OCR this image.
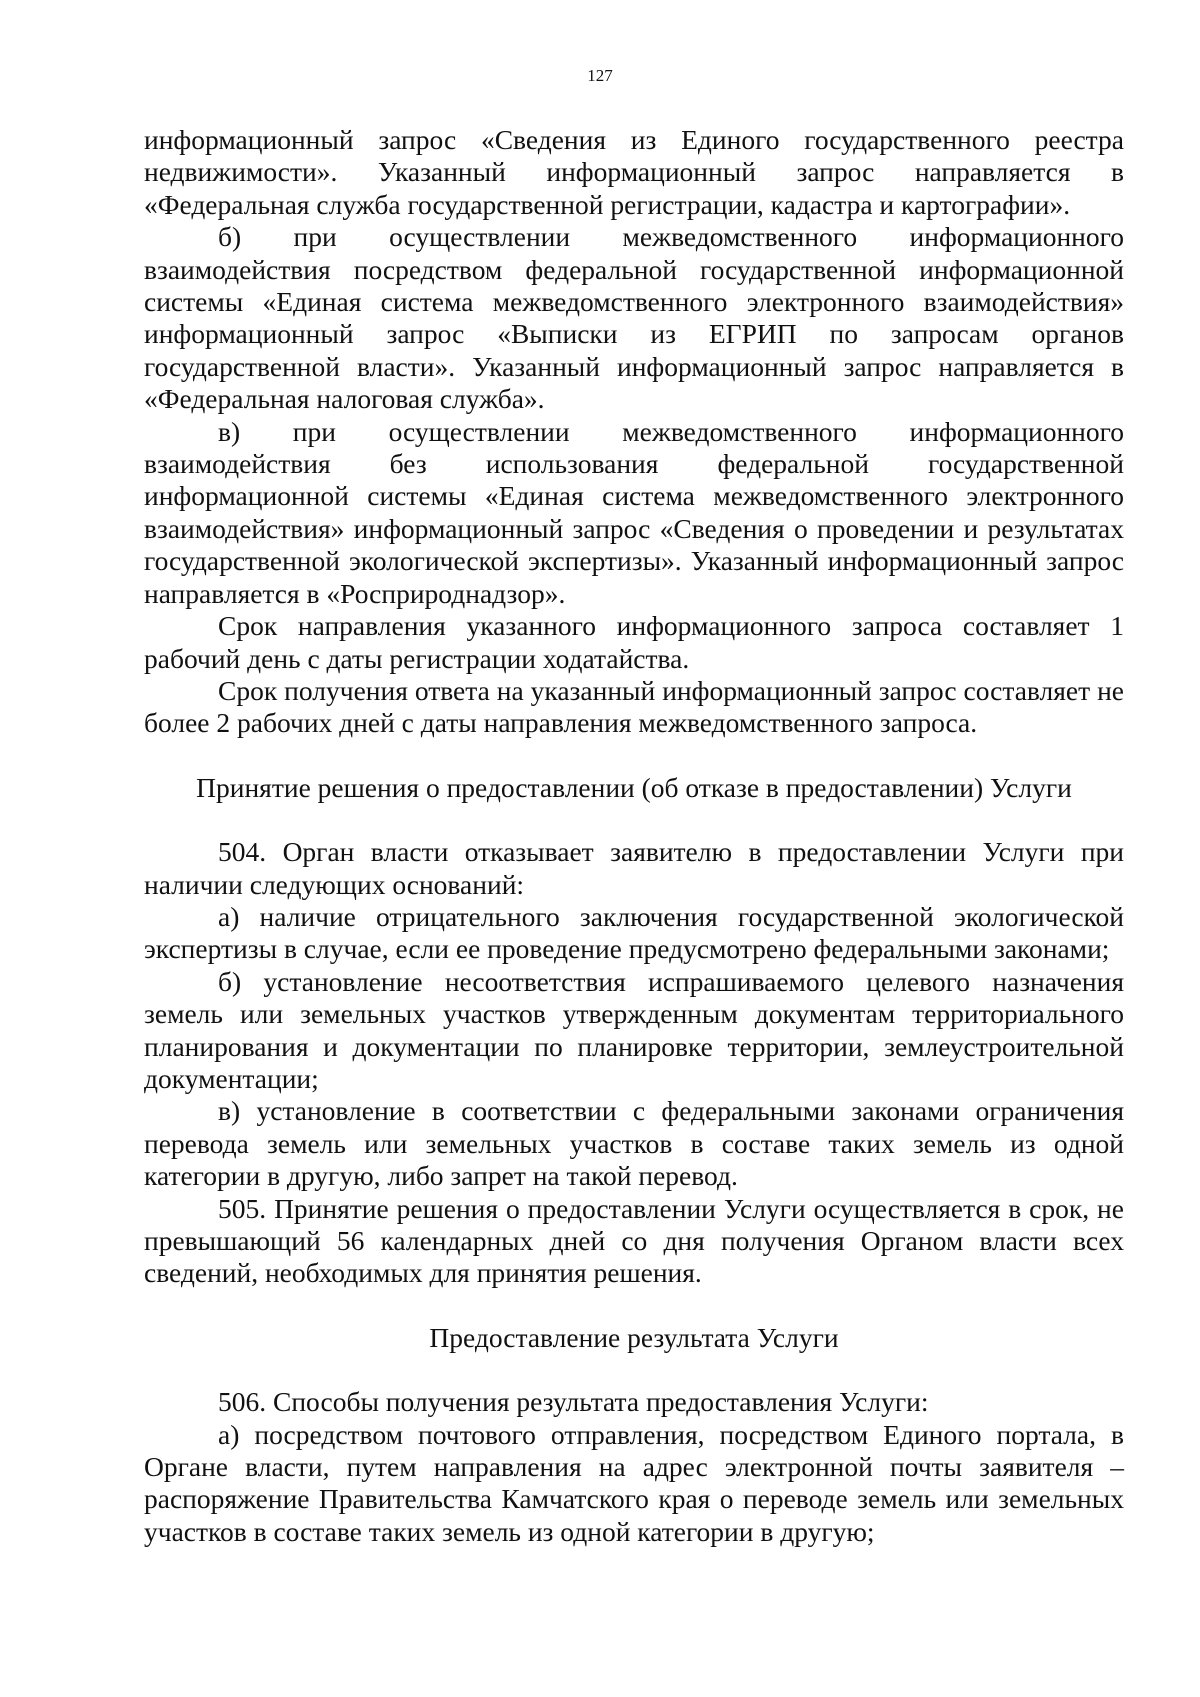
127

информационный запрос «Сведения из Единого государственного реестра недвижимости». Указанный информационный запрос направляется в «Федеральная служба государственной регистрации, кадастра и картографии».

б) при осуществлении межведомственного информационного взаимодействия посредством федеральной государственной информационной системы «Единая система межведомственного электронного взаимодействия» информационный запрос «Выписки из ЕГРИП по запросам органов государственной власти». Указанный информационный запрос направляется в «Федеральная налоговая служба».

в) при осуществлении межведомственного информационного взаимодействия без использования федеральной государственной информационной системы «Единая система межведомственного электронного взаимодействия» информационный запрос «Сведения о проведении и результатах государственной экологической экспертизы». Указанный информационный запрос направляется в «Росприроднадзор».

Срок направления указанного информационного запроса составляет 1 рабочий день с даты регистрации ходатайства.

Срок получения ответа на указанный информационный запрос составляет не более 2 рабочих дней с даты направления межведомственного запроса.

Принятие решения о предоставлении (об отказе в предоставлении) Услуги

504. Орган власти отказывает заявителю в предоставлении Услуги при наличии следующих оснований:

а) наличие отрицательного заключения государственной экологической экспертизы в случае, если ее проведение предусмотрено федеральными законами;

б) установление несоответствия испрашиваемого целевого назначения земель или земельных участков утвержденным документам территориального планирования и документации по планировке территории, землеустроительной документации;

в) установление в соответствии с федеральными законами ограничения перевода земель или земельных участков в составе таких земель из одной категории в другую, либо запрет на такой перевод.

505. Принятие решения о предоставлении Услуги осуществляется в срок, не превышающий 56 календарных дней со дня получения Органом власти всех сведений, необходимых для принятия решения.

Предоставление результата Услуги

506. Способы получения результата предоставления Услуги:

а) посредством почтового отправления, посредством Единого портала, в Органе власти, путем направления на адрес электронной почты заявителя – распоряжение Правительства Камчатского края о переводе земель или земельных участков в составе таких земель из одной категории в другую;
